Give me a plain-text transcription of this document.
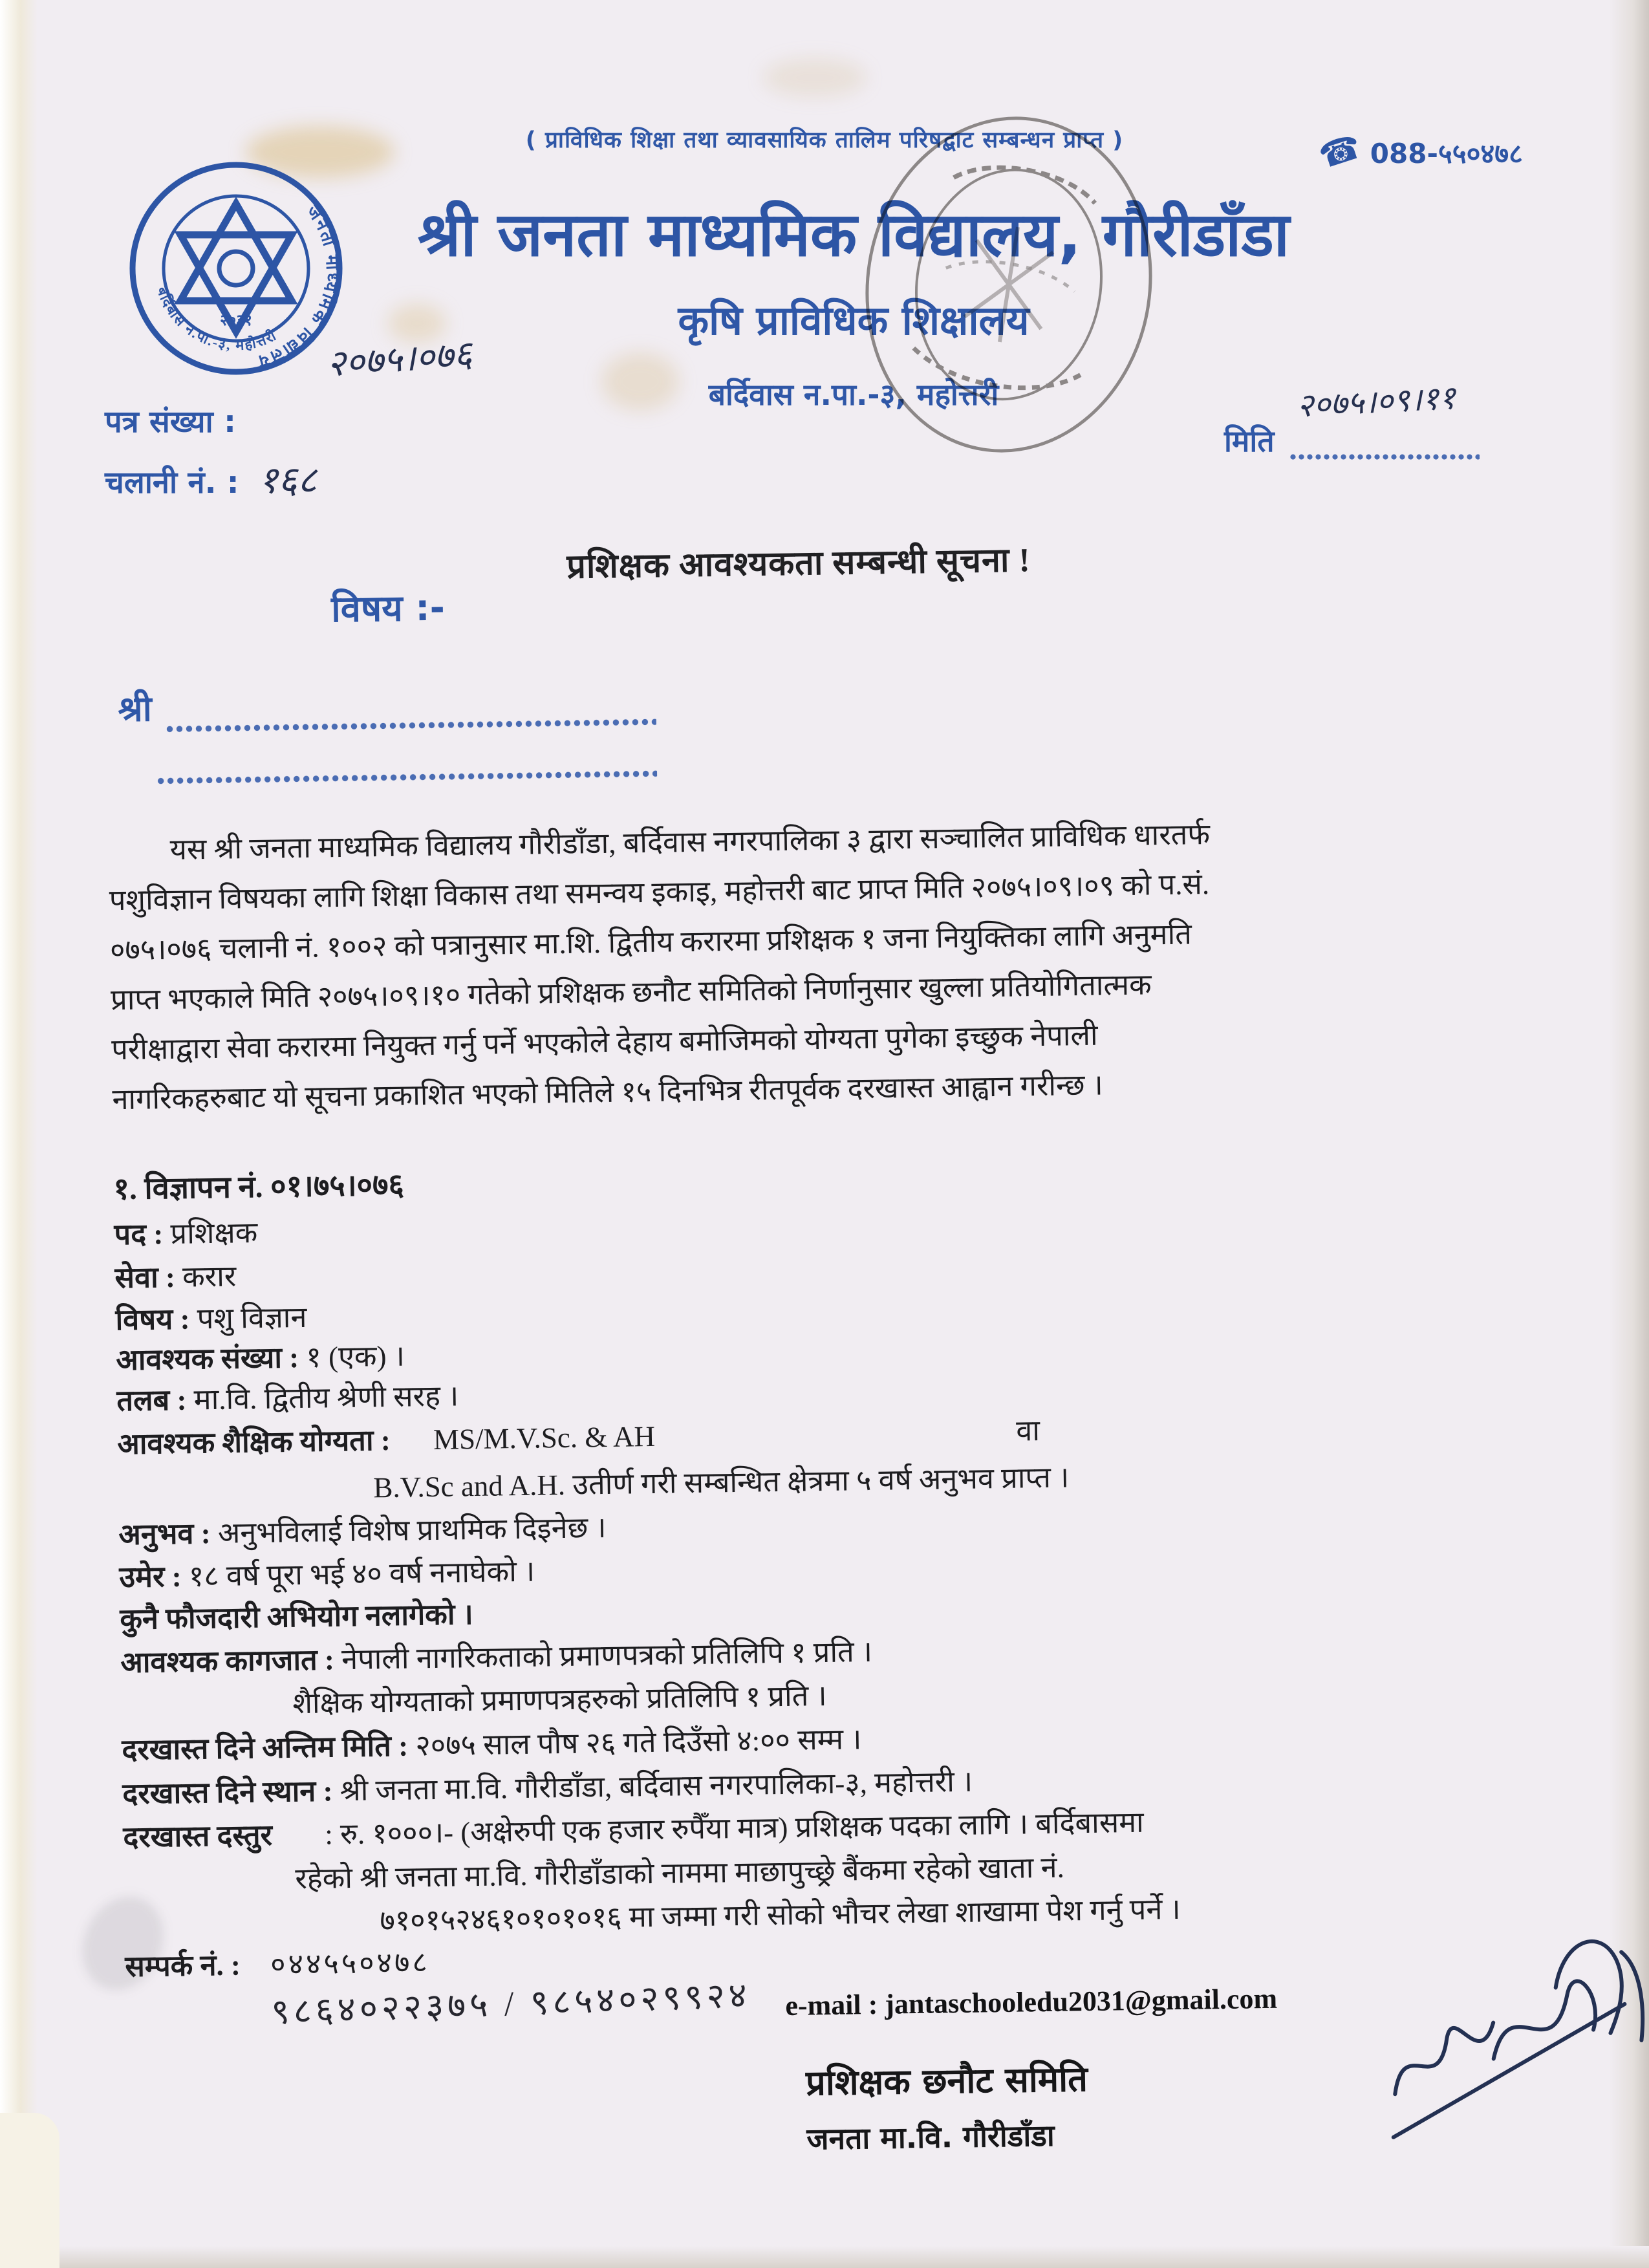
( प्राविधिक शिक्षा तथा व्यावसायिक तालिम परिषद्बाट सम्बन्धन प्राप्त )	☎ 088-५५०४७८
जनता माध्यमिक विद्यालय
बर्दिबास न.पा.-३, महोत्तरी
२०३१
श्री जनता माध्यमिक विद्यालय, गौरीडाँडा
कृषि प्राविधिक शिक्षालय
बर्दिवास न.पा.-३, महोत्तरी
२०७५।०७६
पत्र संख्या :
चलानी नं. : १६८
२०७५।०९।११
मिति
प्रशिक्षक आवश्यकता सम्बन्धी सूचना !
विषय :-
श्री
यस श्री जनता माध्यमिक विद्यालय गौरीडाँडा, बर्दिवास नगरपालिका ३ द्वारा सञ्चालित प्राविधिक धारतर्फ
पशुविज्ञान विषयका लागि शिक्षा विकास तथा समन्वय इकाइ, महोत्तरी बाट प्राप्त मिति २०७५।०९।०९ को प.सं.
०७५।०७६ चलानी नं. १००२ को पत्रानुसार मा.शि. द्वितीय करारमा प्रशिक्षक १ जना नियुक्तिका लागि अनुमति
प्राप्त भएकाले मिति २०७५।०९।१० गतेको प्रशिक्षक छनौट समितिको निर्णानुसार खुल्ला प्रतियोगितात्मक
परीक्षाद्वारा सेवा करारमा नियुक्त गर्नु पर्ने भएकोले देहाय बमोजिमको योग्यता पुगेका इच्छुक नेपाली
नागरिकहरुबाट यो सूचना प्रकाशित भएको मितिले १५ दिनभित्र रीतपूर्वक दरखास्त आह्वान गरीन्छ ।
१. विज्ञापन नं. ०१।७५।०७६
पद : प्रशिक्षक
सेवा : करार
विषय : पशु विज्ञान
आवश्यक संख्या : १ (एक) ।
तलब : मा.वि. द्वितीय श्रेणी सरह ।
आवश्यक शैक्षिक योग्यता : MS/M.V.Sc. & AH	वा
B.V.Sc and A.H. उतीर्ण गरी सम्बन्धित क्षेत्रमा ५ वर्ष अनुभव प्राप्त ।
अनुभव : अनुभविलाई विशेष प्राथमिक दिइनेछ ।
उमेर : १८ वर्ष पूरा भई ४० वर्ष ननाघेको ।
कुनै फौजदारी अभियोग नलागेको ।
आवश्यक कागजात : नेपाली नागरिकताको प्रमाणपत्रको प्रतिलिपि १ प्रति ।
शैक्षिक योग्यताको प्रमाणपत्रहरुको प्रतिलिपि १ प्रति ।
दरखास्त दिने अन्तिम मिति : २०७५ साल पौष २६ गते दिउँसो ४:०० सम्म ।
दरखास्त दिने स्थान : श्री जनता मा.वि. गौरीडाँडा, बर्दिवास नगरपालिका-३, महोत्तरी ।
दरखास्त दस्तुर : रु. १०००।- (अक्षेरुपी एक हजार रुपैँया मात्र) प्रशिक्षक पदका लागि । बर्दिबासमा
रहेको श्री जनता मा.वि. गौरीडाँडाको नाममा माछापुच्छ्रे बैंकमा रहेको खाता नं.
७१०१५२४६१०१०१०१६ मा जम्मा गरी सोको भौचर लेखा शाखामा पेश गर्नु पर्ने ।
सम्पर्क नं. : ०४४५५०४७८
९८६४०२२३७५ / ९८५४०२९९२४ e-mail : jantaschooledu2031@gmail.com
प्रशिक्षक छनौट समिति
जनता मा.वि. गौरीडाँडा
